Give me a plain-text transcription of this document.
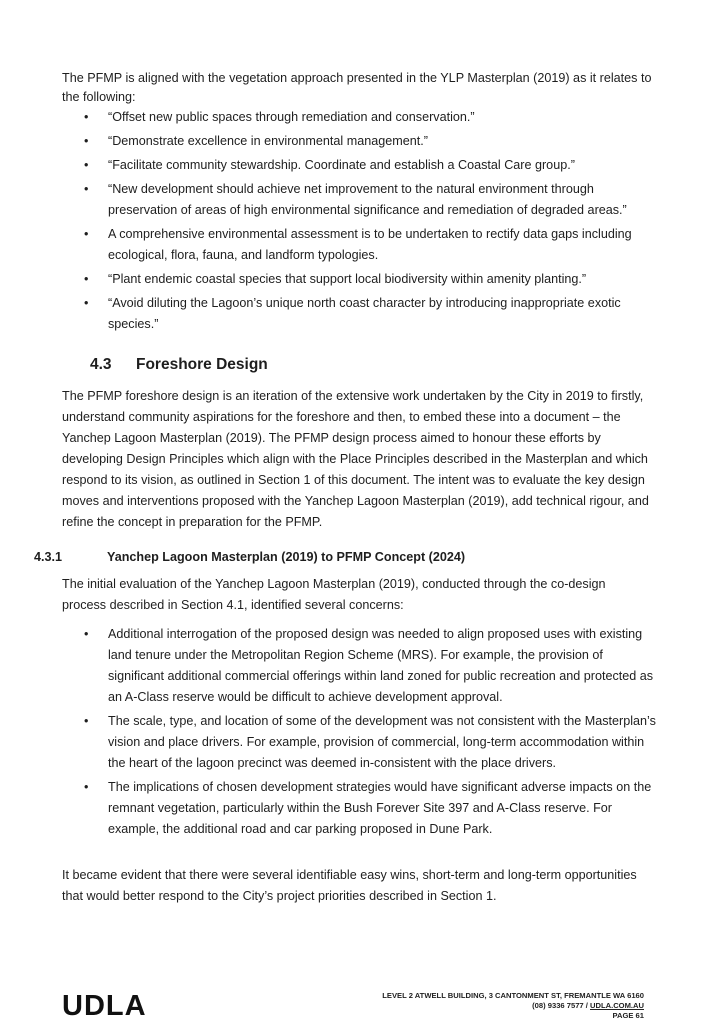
The PFMP is aligned with the vegetation approach presented in the YLP Masterplan (2019) as it relates to the following:

• “Offset new public spaces through remediation and conservation.”
• “Demonstrate excellence in environmental management.”
• “Facilitate community stewardship. Coordinate and establish a Coastal Care group.”
• “New development should achieve net improvement to the natural environment through preservation of areas of high environmental significance and remediation of degraded areas.”
• A comprehensive environmental assessment is to be undertaken to rectify data gaps including ecological, flora, fauna, and landform typologies.
• “Plant endemic coastal species that support local biodiversity within amenity planting.”
• “Avoid diluting the Lagoon’s unique north coast character by introducing inappropriate exotic species.”
4.3 Foreshore Design

The PFMP foreshore design is an iteration of the extensive work undertaken by the City in 2019 to firstly, understand community aspirations for the foreshore and then, to embed these into a document – the Yanchep Lagoon Masterplan (2019). The PFMP design process aimed to honour these efforts by developing Design Principles which align with the Place Principles described in the Masterplan and which respond to its vision, as outlined in Section 1 of this document. The intent was to evaluate the key design moves and interventions proposed with the Yanchep Lagoon Masterplan (2019), add technical rigour, and refine the concept in preparation for the PFMP.

4.3.1	Yanchep Lagoon Masterplan (2019) to PFMP Concept (2024)

The initial evaluation of the Yanchep Lagoon Masterplan (2019), conducted through the co-design process described in Section 4.1, identified several concerns:

• Additional interrogation of the proposed design was needed to align proposed uses with existing land tenure under the Metropolitan Region Scheme (MRS). For example, the provision of significant additional commercial offerings within land zoned for public recreation and protected as an A-Class reserve would be difficult to achieve development approval.
• The scale, type, and location of some of the development was not consistent with the Masterplan’s vision and place drivers. For example, provision of commercial, long-term accommodation within the heart of the lagoon precinct was deemed in-consistent with the place drivers.
• The implications of chosen development strategies would have significant adverse impacts on the remnant vegetation, particularly within the Bush Forever Site 397 and A-Class reserve. For example, the additional road and car parking proposed in Dune Park.

It became evident that there were several identifiable easy wins, short-term and long-term opportunities that would better respond to the City’s project priorities described in Section 1.

UDLA	LEVEL 2 ATWELL BUILDING, 3 CANTONMENT ST, FREMANTLE WA 6160
(08) 9336 7577 / UDLA.COM.AU
PAGE 61
